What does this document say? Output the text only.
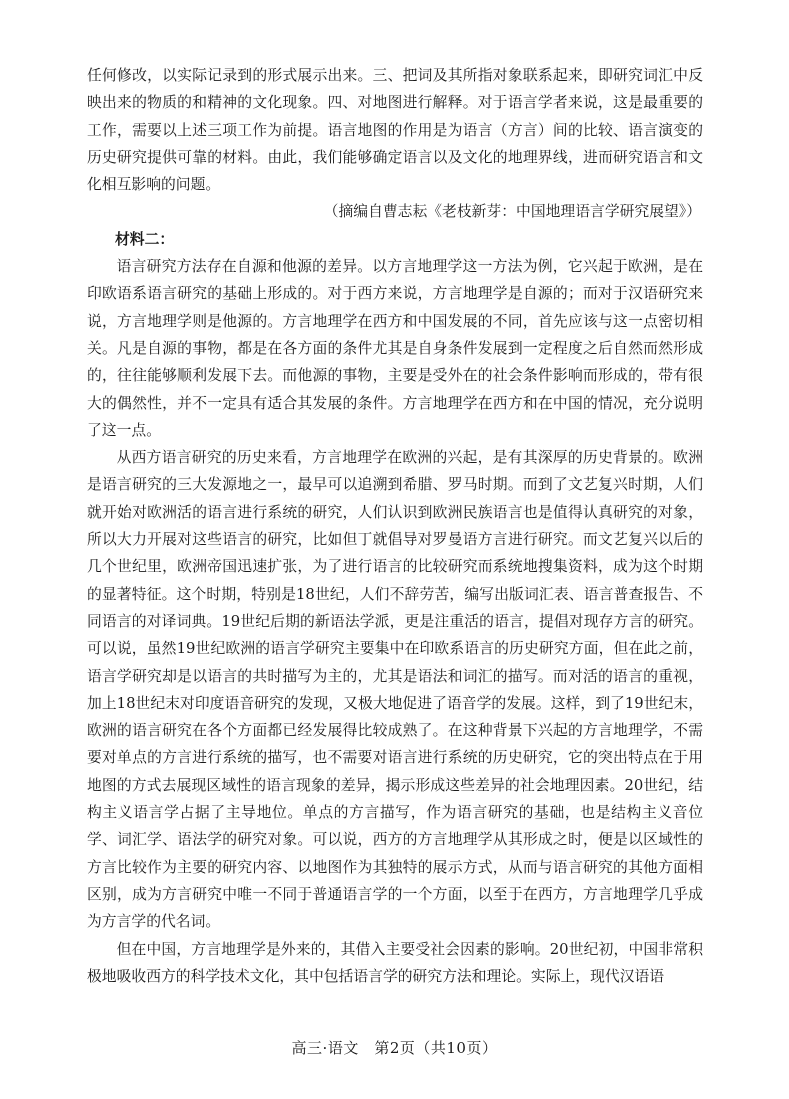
任何修改，以实际记录到的形式展示出来。三、把词及其所指对象联系起来，即研究词汇中反映出来的物质的和精神的文化现象。四、对地图进行解释。对于语言学者来说，这是最重要的工作，需要以上述三项工作为前提。语言地图的作用是为语言（方言）间的比较、语言演变的历史研究提供可靠的材料。由此，我们能够确定语言以及文化的地理界线，进而研究语言和文化相互影响的问题。

（摘编自曹志耘《老枝新芽：中国地理语言学研究展望》）

材料二：

语言研究方法存在自源和他源的差异。以方言地理学这一方法为例，它兴起于欧洲，是在印欧语系语言研究的基础上形成的。对于西方来说，方言地理学是自源的；而对于汉语研究来说，方言地理学则是他源的。方言地理学在西方和中国发展的不同，首先应该与这一点密切相关。凡是自源的事物，都是在各方面的条件尤其是自身条件发展到一定程度之后自然而然形成的，往往能够顺利发展下去。而他源的事物，主要是受外在的社会条件影响而形成的，带有很大的偶然性，并不一定具有适合其发展的条件。方言地理学在西方和在中国的情况，充分说明了这一点。

从西方语言研究的历史来看，方言地理学在欧洲的兴起，是有其深厚的历史背景的。欧洲是语言研究的三大发源地之一，最早可以追溯到希腊、罗马时期。而到了文艺复兴时期，人们就开始对欧洲活的语言进行系统的研究，人们认识到欧洲民族语言也是值得认真研究的对象，所以大力开展对这些语言的研究，比如但丁就倡导对罗曼语方言进行研究。而文艺复兴以后的几个世纪里，欧洲帝国迅速扩张，为了进行语言的比较研究而系统地搜集资料，成为这个时期的显著特征。这个时期，特别是18世纪，人们不辞劳苦，编写出版词汇表、语言普查报告、不同语言的对译词典。19世纪后期的新语法学派，更是注重活的语言，提倡对现存方言的研究。可以说，虽然19世纪欧洲的语言学研究主要集中在印欧系语言的历史研究方面，但在此之前，语言学研究却是以语言的共时描写为主的，尤其是语法和词汇的描写。而对活的语言的重视，加上18世纪末对印度语音研究的发现，又极大地促进了语音学的发展。这样，到了19世纪末，欧洲的语言研究在各个方面都已经发展得比较成熟了。在这种背景下兴起的方言地理学，不需要对单点的方言进行系统的描写，也不需要对语言进行系统的历史研究，它的突出特点在于用地图的方式去展现区域性的语言现象的差异，揭示形成这些差异的社会地理因素。20世纪，结构主义语言学占据了主导地位。单点的方言描写，作为语言研究的基础，也是结构主义音位学、词汇学、语法学的研究对象。可以说，西方的方言地理学从其形成之时，便是以区域性的方言比较作为主要的研究内容、以地图作为其独特的展示方式，从而与语言研究的其他方面相区别，成为方言研究中唯一不同于普通语言学的一个方面，以至于在西方，方言地理学几乎成为方言学的代名词。

但在中国，方言地理学是外来的，其借入主要受社会因素的影响。20世纪初，中国非常积极地吸收西方的科学技术文化，其中包括语言学的研究方法和理论。实际上，现代汉语语

高三·语文　第2页（共10页）
